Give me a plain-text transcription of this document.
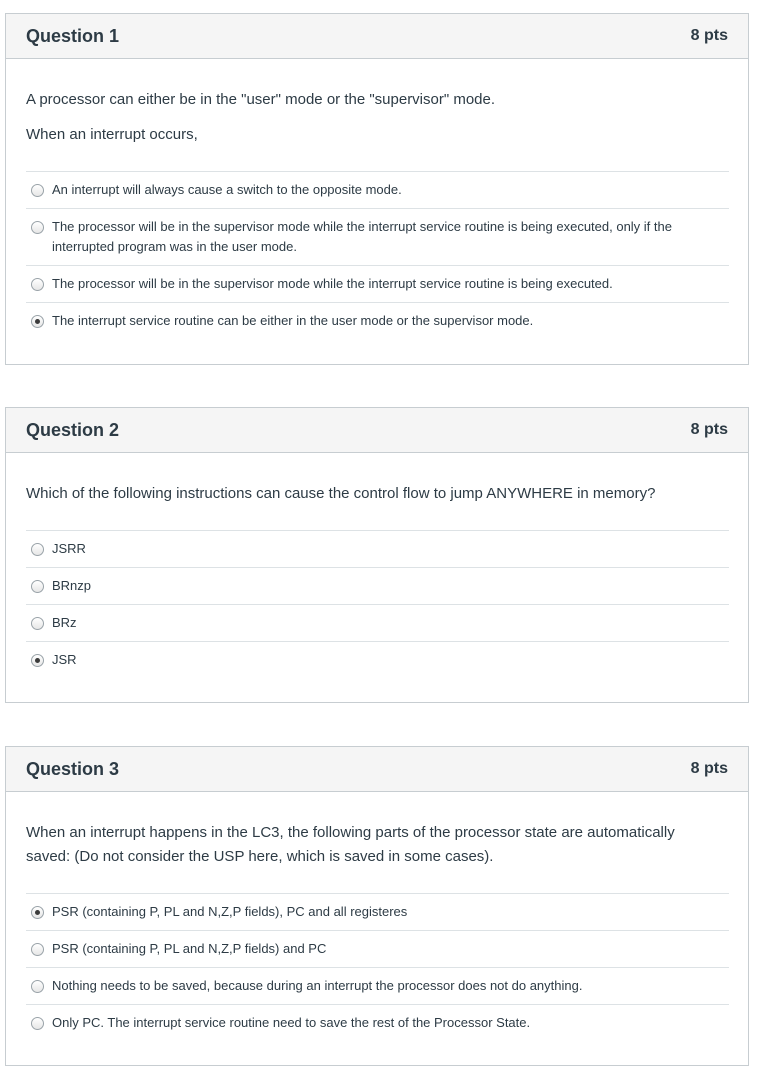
Question 1	8 pts

A processor can either be in the "user" mode or the "supervisor" mode.

When an interrupt occurs,

An interrupt will always cause a switch to the opposite mode.
The processor will be in the supervisor mode while the interrupt service routine is being executed, only if the interrupted program was in the user mode.
The processor will be in the supervisor mode while the interrupt service routine is being executed.
The interrupt service routine can be either in the user mode or the supervisor mode.
Question 2	8 pts

Which of the following instructions can cause the control flow to jump ANYWHERE in memory?

JSRR
BRnzp
BRz
JSR
Question 3	8 pts

When an interrupt happens in the LC3, the following parts of the processor state are automatically saved: (Do not consider the USP here, which is saved in some cases).

PSR (containing P, PL and N,Z,P fields), PC and all registeres
PSR (containing P, PL and N,Z,P fields) and PC
Nothing needs to be saved, because during an interrupt the processor does not do anything.
Only PC. The interrupt service routine need to save the rest of the Processor State.
